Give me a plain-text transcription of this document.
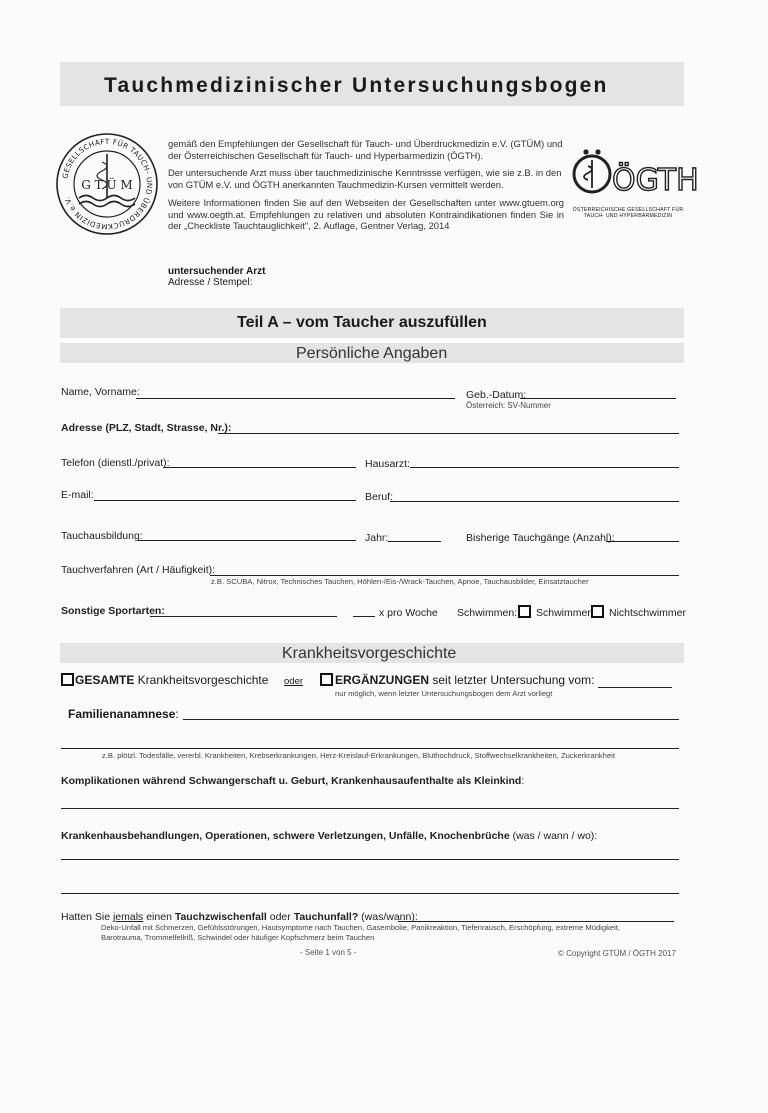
Tauchmedizinischer Untersuchungsbogen
GESELLSCHAFT FÜR TAUCH- UND ÜBERDRUCKMEDIZIN e.V.
G T Ü M
gemäß den Empfehlungen der Gesellschaft für Tauch- und Überdruckmedizin e.V. (GTÜM) und der Österreichischen Gesellschaft für Tauch- und Hyperbarmedizin (ÖGTH).
Der untersuchende Arzt muss über tauchmedizinische Kenntnisse verfügen, wie sie z.B. in den von GTÜM e.V. und ÖGTH anerkannten Tauchmedizin-Kursen vermittelt werden.
Weitere Informationen finden Sie auf den Webseiten der Gesellschaften unter www.gtuem.org und www.oegth.at. Empfehlungen zu relativen und absoluten Kontraindikationen finden Sie in der „Checkliste Tauchtauglichkeit", 2. Auflage, Gentner Verlag, 2014
ÖGTH
ÖSTERREICHISCHE GESELLSCHAFT FÜR
TAUCH- UND HYPERBARMEDIZIN
untersuchender Arzt
Adresse / Stempel:
Teil A – vom Taucher auszufüllen
Persönliche Angaben
Name, Vorname:	Geb.-Datum:
Österreich: SV-Nummer
Adresse (PLZ, Stadt, Strasse, Nr.):
Telefon (dienstl./privat):	Hausarzt:
E-mail:	Beruf:
Tauchausbildung:	Jahr:	Bisherige Tauchgänge (Anzahl):
Tauchverfahren (Art / Häufigkeit):
z.B. SCUBA, Nitrox, Technisches Tauchen, Höhlen-/Eis-/Wrack-Tauchen, Apnoe, Tauchausbilder, Einsatztaucher
Sonstige Sportarten:	x pro Woche Schwimmen: Schwimmer Nichtschwimmer
Krankheitsvorgeschichte
GESAMTE Krankheitsvorgeschichte oder	ERGÄNZUNGEN seit letzter Untersuchung vom:
nur möglich, wenn letzter Untersuchungsbogen dem Arzt vorliegt
Familienanamnese:
z.B. plötzl. Todesfälle, vererbl. Krankheiten, Krebserkrankungen, Herz-Kreislauf-Erkrankungen, Bluthochdruck, Stoffwechselkrankheiten, Zuckerkrankheit
Komplikationen während Schwangerschaft u. Geburt, Krankenhausaufenthalte als Kleinkind:
Krankenhausbehandlungen, Operationen, schwere Verletzungen, Unfälle, Knochenbrüche (was / wann / wo):
Hatten Sie jemals einen Tauchzwischenfall oder Tauchunfall? (was/wann):
Deko-Unfall mit Schmerzen, Gefühlsstörungen, Hautsymptome nach Tauchen, Gasembolie, Panikreaktion, Tiefenrausch, Erschöpfung, extreme Müdigkeit,
Barotrauma, Trommelfellriß, Schwindel oder häufiger Kopfschmerz beim Tauchen
- Seite 1 von 5 -	© Copyright GTÜM / ÖGTH 2017
